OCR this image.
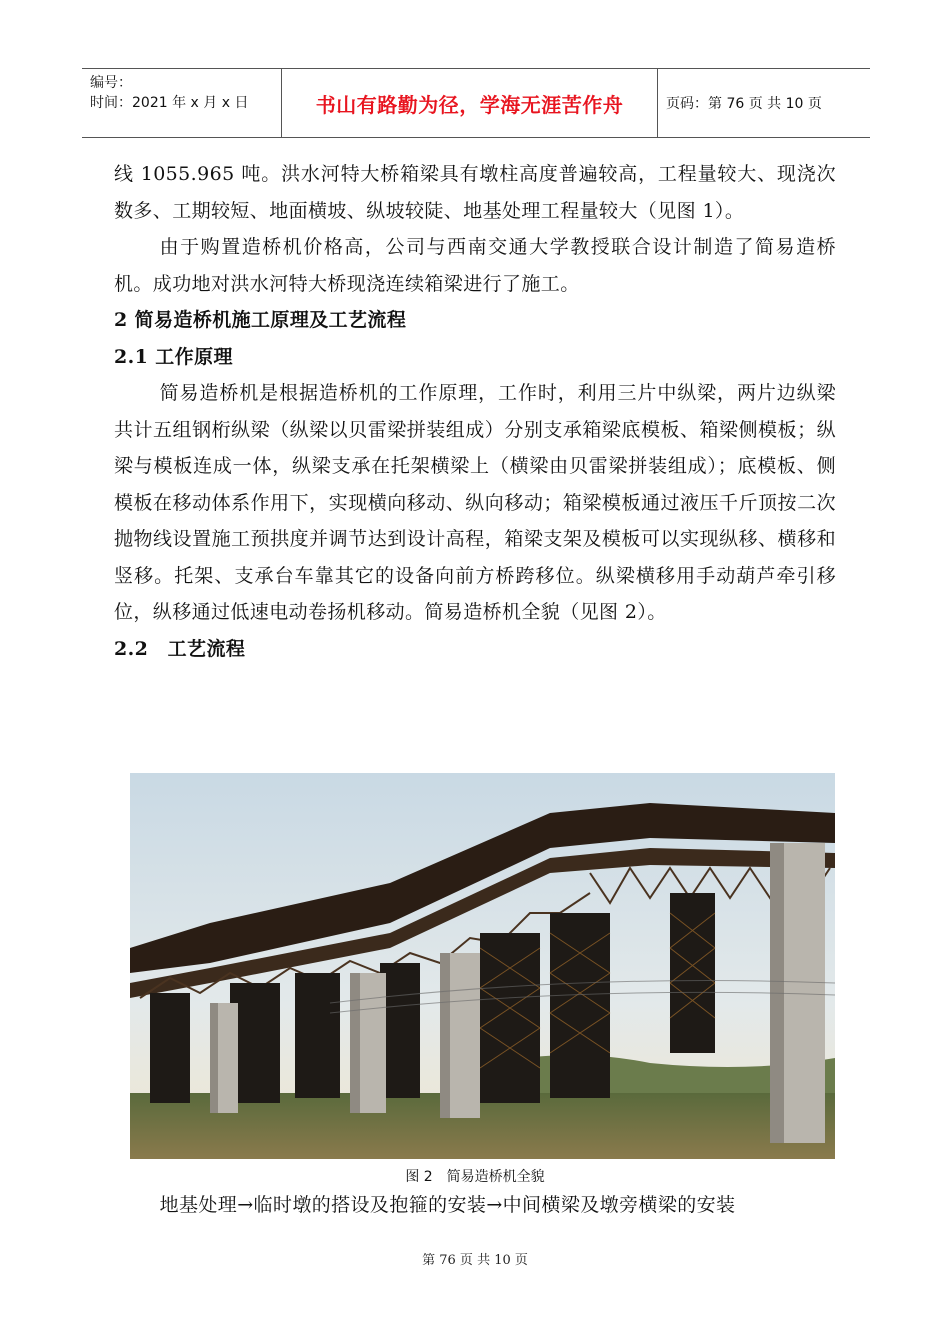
编号：
时间：2021 年 x 月 x 日	书山有路勤为径，学海无涯苦作舟	页码：第 76 页 共 10 页

线 1055.965 吨。洪水河特大桥箱梁具有墩柱高度普遍较高，工程量较大、现浇次数多、工期较短、地面横坡、纵坡较陡、地基处理工程量较大（见图 1）。

由于购置造桥机价格高，公司与西南交通大学教授联合设计制造了简易造桥机。成功地对洪水河特大桥现浇连续箱梁进行了施工。

2 简易造桥机施工原理及工艺流程

2.1 工作原理

简易造桥机是根据造桥机的工作原理，工作时，利用三片中纵梁，两片边纵梁共计五组钢桁纵梁（纵梁以贝雷梁拼装组成）分别支承箱梁底模板、箱梁侧模板；纵梁与模板连成一体，纵梁支承在托架横梁上（横梁由贝雷梁拼装组成）；底模板、侧模板在移动体系作用下，实现横向移动、纵向移动；箱梁模板通过液压千斤顶按二次抛物线设置施工预拱度并调节达到设计高程，箱梁支架及模板可以实现纵移、横移和竖移。托架、支承台车靠其它的设备向前方桥跨移位。纵梁横移用手动葫芦牵引移位，纵移通过低速电动卷扬机移动。简易造桥机全貌（见图 2）。

2.2　工艺流程

图 2　简易造桥机全貌
地基处理→临时墩的搭设及抱箍的安装→中间横梁及墩旁横梁的安装
第 76 页 共 10 页
